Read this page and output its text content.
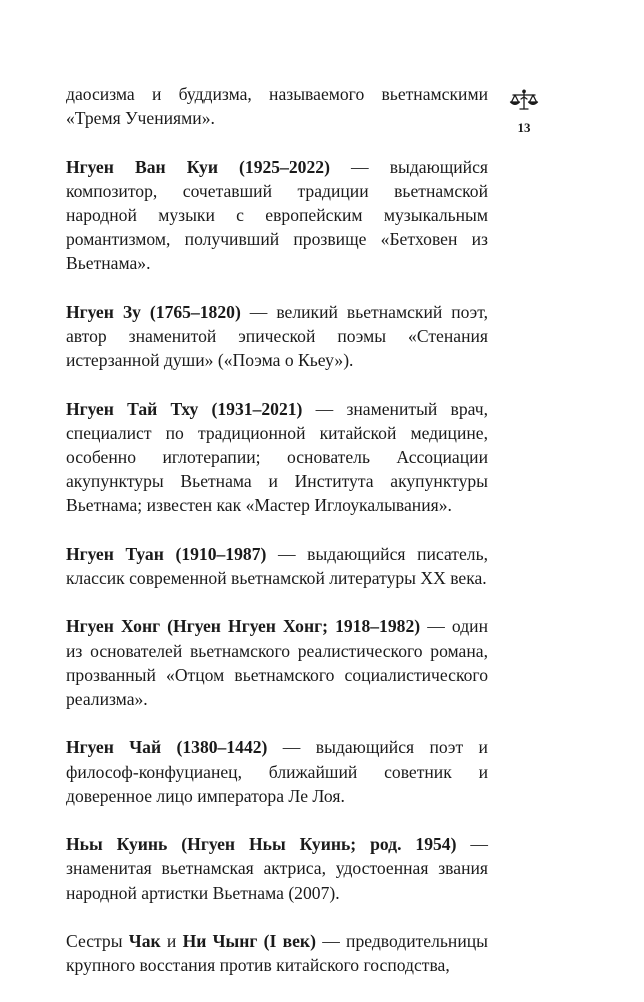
даосизма и буддизма, называемого вьетнамскими «Тремя Учениями».

Нгуен Ван Куи (1925–2022) — выдающийся композитор, сочетавший традиции вьетнамской народной музыки с европейским музыкальным романтизмом, получивший прозвище «Бетховен из Вьетнама».

Нгуен Зу (1765–1820) — великий вьетнамский поэт, автор знаменитой эпической поэмы «Стенания истерзанной души» («Поэма о Кьеу»).

Нгуен Тай Тху (1931–2021) — знаменитый врач, специалист по традиционной китайской медицине, особенно иглотерапии; основатель Ассоциации акупунктуры Вьетнама и Института акупунктуры Вьетнама; известен как «Мастер Иглоукалывания».

Нгуен Туан (1910–1987) — выдающийся писатель, классик современной вьетнамской литературы XX века.

Нгуен Хонг (Нгуен Нгуен Хонг; 1918–1982) — один из основателей вьетнамского реалистического романа, прозванный «Отцом вьетнамского социалистического реализма».

Нгуен Чай (1380–1442) — выдающийся поэт и философ-конфуцианец, ближайший советник и доверенное лицо императора Ле Лоя.

Ньы Куинь (Нгуен Ньы Куинь; род. 1954) — знаменитая вьетнамская актриса, удостоенная звания народной артистки Вьетнама (2007).

Сестры Чак и Ни Чынг (I век) — предводительницы крупного восстания против китайского господства,

13
